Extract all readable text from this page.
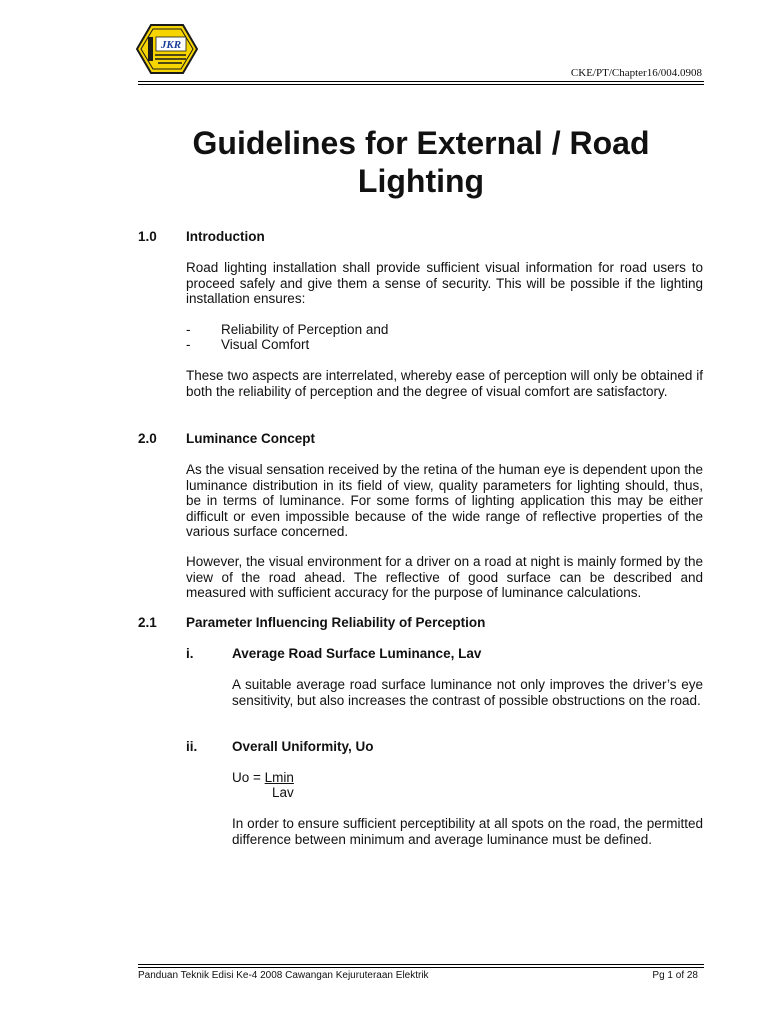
JKR
CKE/PT/Chapter16/004.0908
Guidelines for External / Road
Lighting
1.0 Introduction
Road lighting installation shall provide sufficient visual information for road users to proceed safely and give them a sense of security. This will be possible if the lighting installation ensures:
- Reliability of Perception and
- Visual Comfort
These two aspects are interrelated, whereby ease of perception will only be obtained if both the reliability of perception and the degree of visual comfort are satisfactory.
2.0 Luminance Concept
As the visual sensation received by the retina of the human eye is dependent upon the luminance distribution in its field of view, quality parameters for lighting should, thus, be in terms of luminance. For some forms of lighting application this may be either difficult or even impossible because of the wide range of reflective properties of the various surface concerned.
However, the visual environment for a driver on a road at night is mainly formed by the view of the road ahead. The reflective of good surface can be described and measured with sufficient accuracy for the purpose of luminance calculations.
2.1 Parameter Influencing Reliability of Perception
i.	Average Road Surface Luminance, Lav
A suitable average road surface luminance not only improves the driver’s eye sensitivity, but also increases the contrast of possible obstructions on the road.
ii.	Overall Uniformity, Uo
Uo = Lmin
Lav
In order to ensure sufficient perceptibility at all spots on the road, the permitted difference between minimum and average luminance must be defined.
Panduan Teknik Edisi Ke-4 2008 Cawangan Kejuruteraan Elektrik	Pg 1 of 28
